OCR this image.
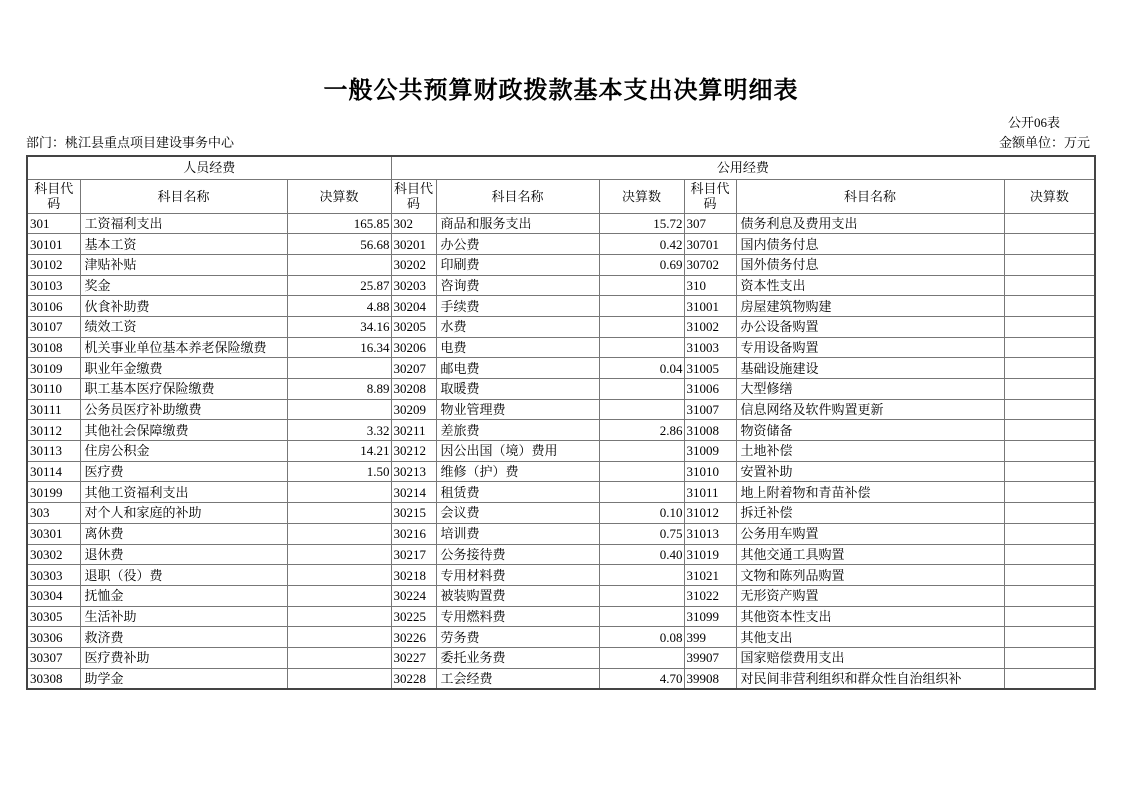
一般公共预算财政拨款基本支出决算明细表
公开06表
部门：桃江县重点项目建设事务中心	金额单位：万元
人员经费			公用经费					
科目代码	科目名称	决算数	科目代码	科目名称	决算数	科目代码	科目名称	决算数
301	工资福利支出	165.85	302	商品和服务支出	15.72	307	债务利息及费用支出	
30101	基本工资	56.68	30201	办公费	0.42	30701	国内债务付息	
30102	津贴补贴		30202	印刷费	0.69	30702	国外债务付息	
30103	奖金	25.87	30203	咨询费		310	资本性支出	
30106	伙食补助费	4.88	30204	手续费		31001	房屋建筑物购建	
30107	绩效工资	34.16	30205	水费		31002	办公设备购置	
30108	机关事业单位基本养老保险缴费	16.34	30206	电费		31003	专用设备购置	
30109	职业年金缴费		30207	邮电费	0.04	31005	基础设施建设	
30110	职工基本医疗保险缴费	8.89	30208	取暖费		31006	大型修缮	
30111	公务员医疗补助缴费		30209	物业管理费		31007	信息网络及软件购置更新	
30112	其他社会保障缴费	3.32	30211	差旅费	2.86	31008	物资储备	
30113	住房公积金	14.21	30212	因公出国（境）费用		31009	土地补偿	
30114	医疗费	1.50	30213	维修（护）费		31010	安置补助	
30199	其他工资福利支出		30214	租赁费		31011	地上附着物和青苗补偿	
303	对个人和家庭的补助		30215	会议费	0.10	31012	拆迁补偿	
30301	离休费		30216	培训费	0.75	31013	公务用车购置	
30302	退休费		30217	公务接待费	0.40	31019	其他交通工具购置	
30303	退职（役）费		30218	专用材料费		31021	文物和陈列品购置	
30304	抚恤金		30224	被装购置费		31022	无形资产购置	
30305	生活补助		30225	专用燃料费		31099	其他资本性支出	
30306	救济费		30226	劳务费	0.08	399	其他支出	
30307	医疗费补助		30227	委托业务费		39907	国家赔偿费用支出	
30308	助学金		30228	工会经费	4.70	39908	对民间非营利组织和群众性自治组织补	
